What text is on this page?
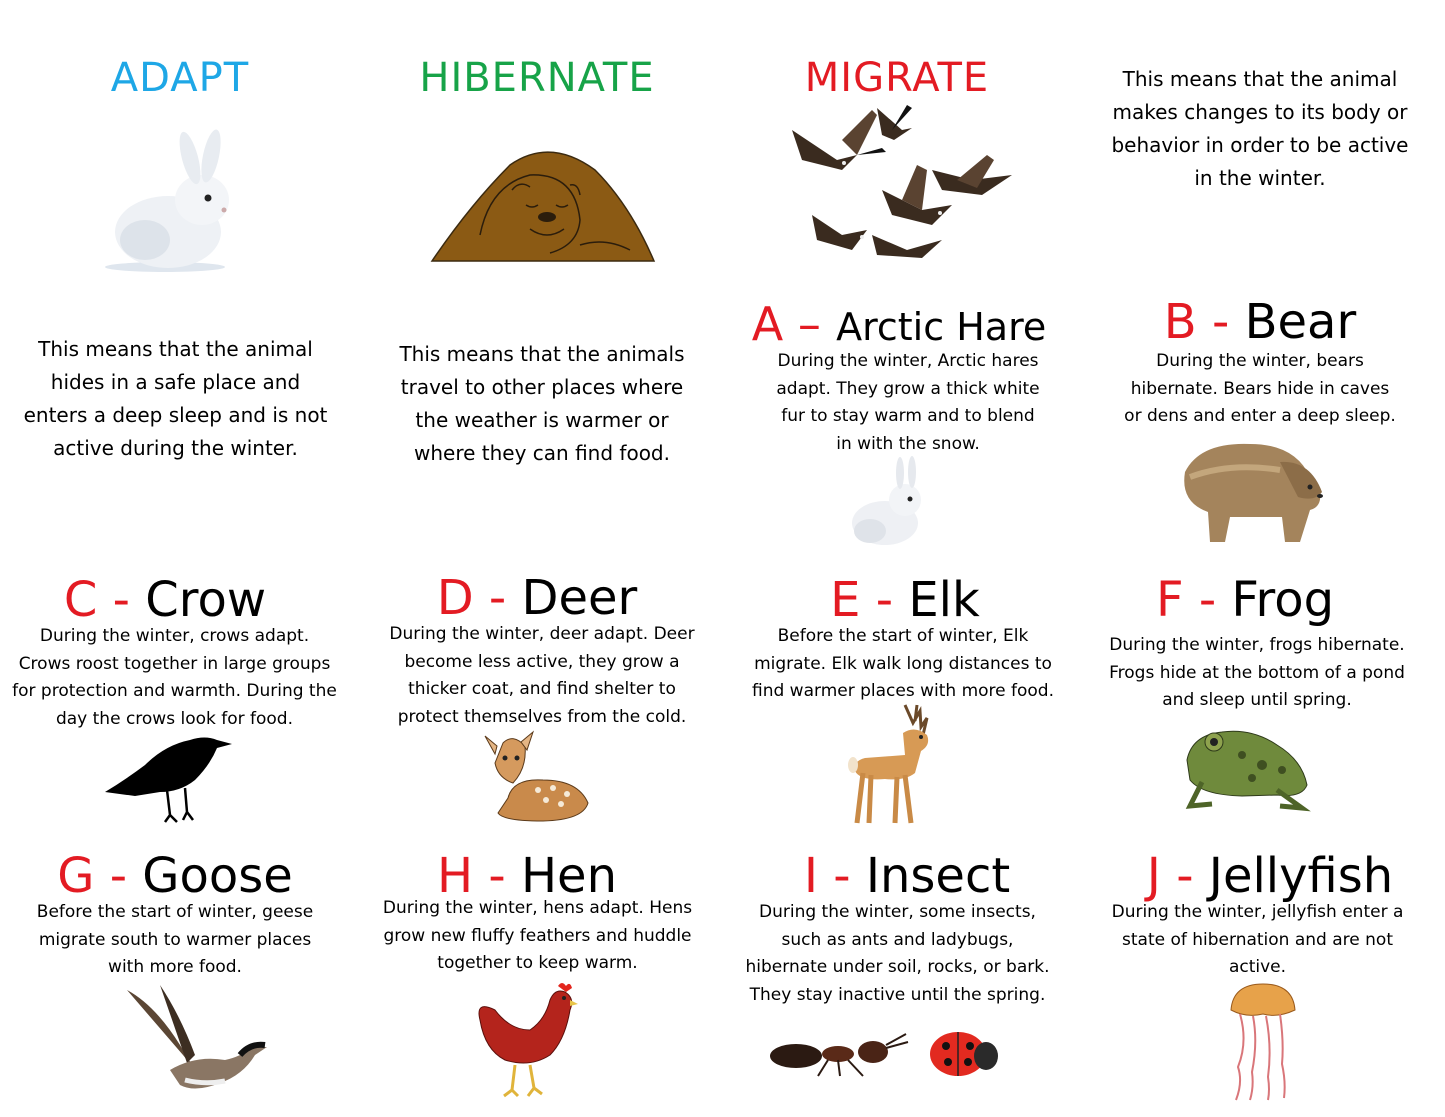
ADAPT	HIBERNATE	MIGRATE	This means that the animal makes changes to its body or behavior in order to be active in the winter.
This means that the animal hides in a safe place and enters a deep sleep and is not active during the winter.
This means that the animals travel to other places where the weather is warmer or where they can find food.
A – Arctic Hare
During the winter, Arctic hares adapt. They grow a thick white fur to stay warm and to blend in with the snow.
B - Bear
During the winter, bears hibernate. Bears hide in caves or dens and enter a deep sleep.
C - Crow
During the winter, crows adapt. Crows roost together in large groups for protection and warmth. During the day the crows look for food.
D - Deer
During the winter, deer adapt. Deer become less active, they grow a thicker coat, and find shelter to protect themselves from the cold.
E - Elk
Before the start of winter, Elk migrate. Elk walk long distances to find warmer places with more food.
F - Frog
During the winter, frogs hibernate. Frogs hide at the bottom of a pond and sleep until spring.
G - Goose
Before the start of winter, geese migrate south to warmer places with more food.
H - Hen
During the winter, hens adapt. Hens grow new fluffy feathers and huddle together to keep warm.
I - Insect
During the winter, some insects, such as ants and ladybugs, hibernate under soil, rocks, or bark. They stay inactive until the spring.
J - Jellyfish
During the winter, jellyfish enter a state of hibernation and are not active.
